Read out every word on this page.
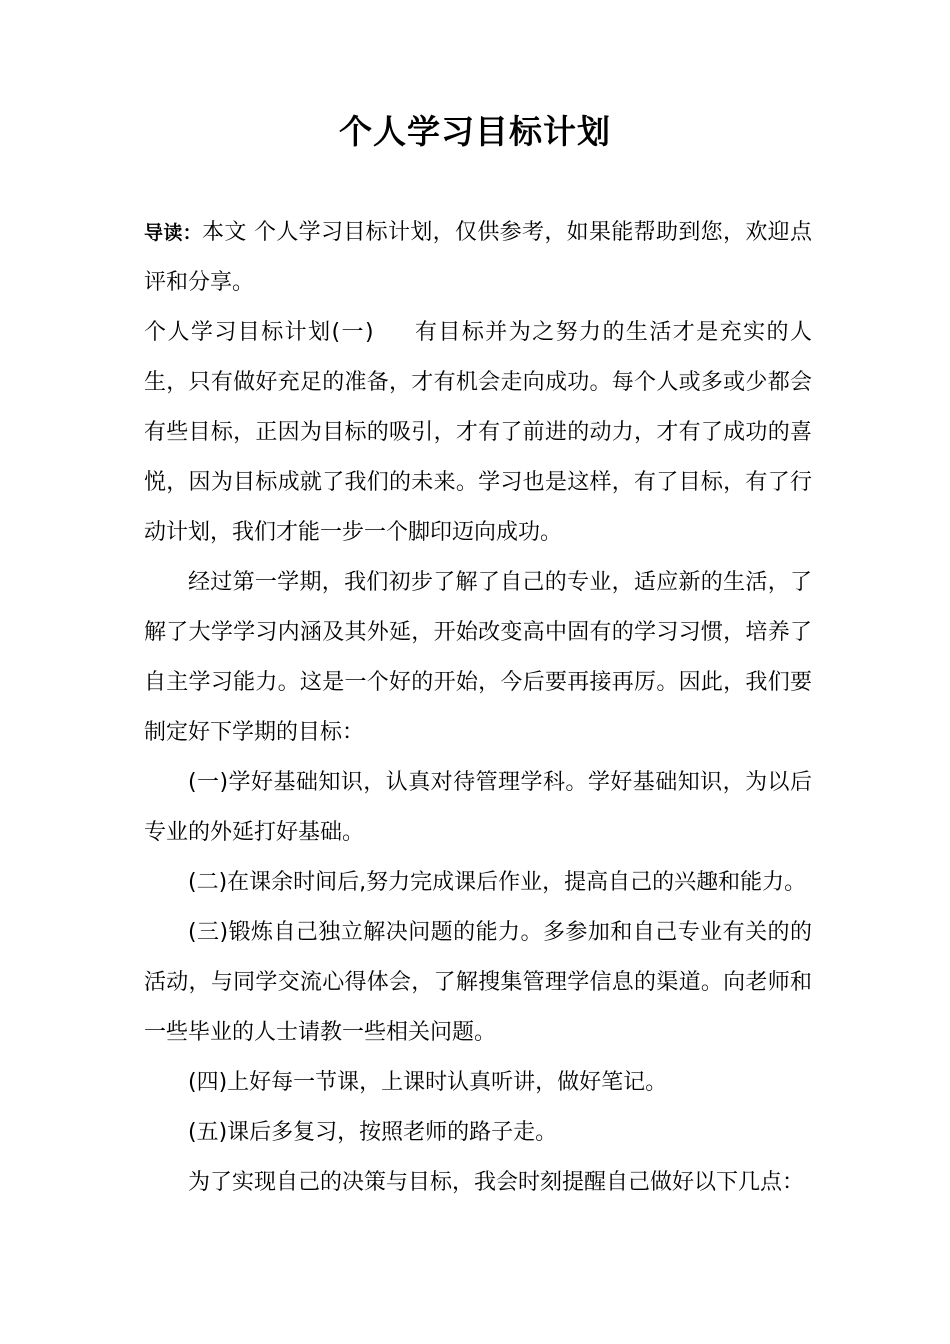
个人学习目标计划

导读：本文 个人学习目标计划，仅供参考，如果能帮助到您，欢迎点评和分享。

个人学习目标计划(一) 有目标并为之努力的生活才是充实的人生，只有做好充足的准备，才有机会走向成功。每个人或多或少都会有些目标，正因为目标的吸引，才有了前进的动力，才有了成功的喜悦，因为目标成就了我们的未来。学习也是这样，有了目标，有了行动计划，我们才能一步一个脚印迈向成功。

经过第一学期，我们初步了解了自己的专业，适应新的生活，了解了大学学习内涵及其外延，开始改变高中固有的学习习惯，培养了自主学习能力。这是一个好的开始，今后要再接再厉。因此，我们要制定好下学期的目标：

(一)学好基础知识，认真对待管理学科。学好基础知识，为以后专业的外延打好基础。

(二)在课余时间后,努力完成课后作业，提高自己的兴趣和能力。

(三)锻炼自己独立解决问题的能力。多参加和自己专业有关的的活动，与同学交流心得体会，了解搜集管理学信息的渠道。向老师和一些毕业的人士请教一些相关问题。

(四)上好每一节课，上课时认真听讲，做好笔记。

(五)课后多复习，按照老师的路子走。

为了实现自己的决策与目标，我会时刻提醒自己做好以下几点：
